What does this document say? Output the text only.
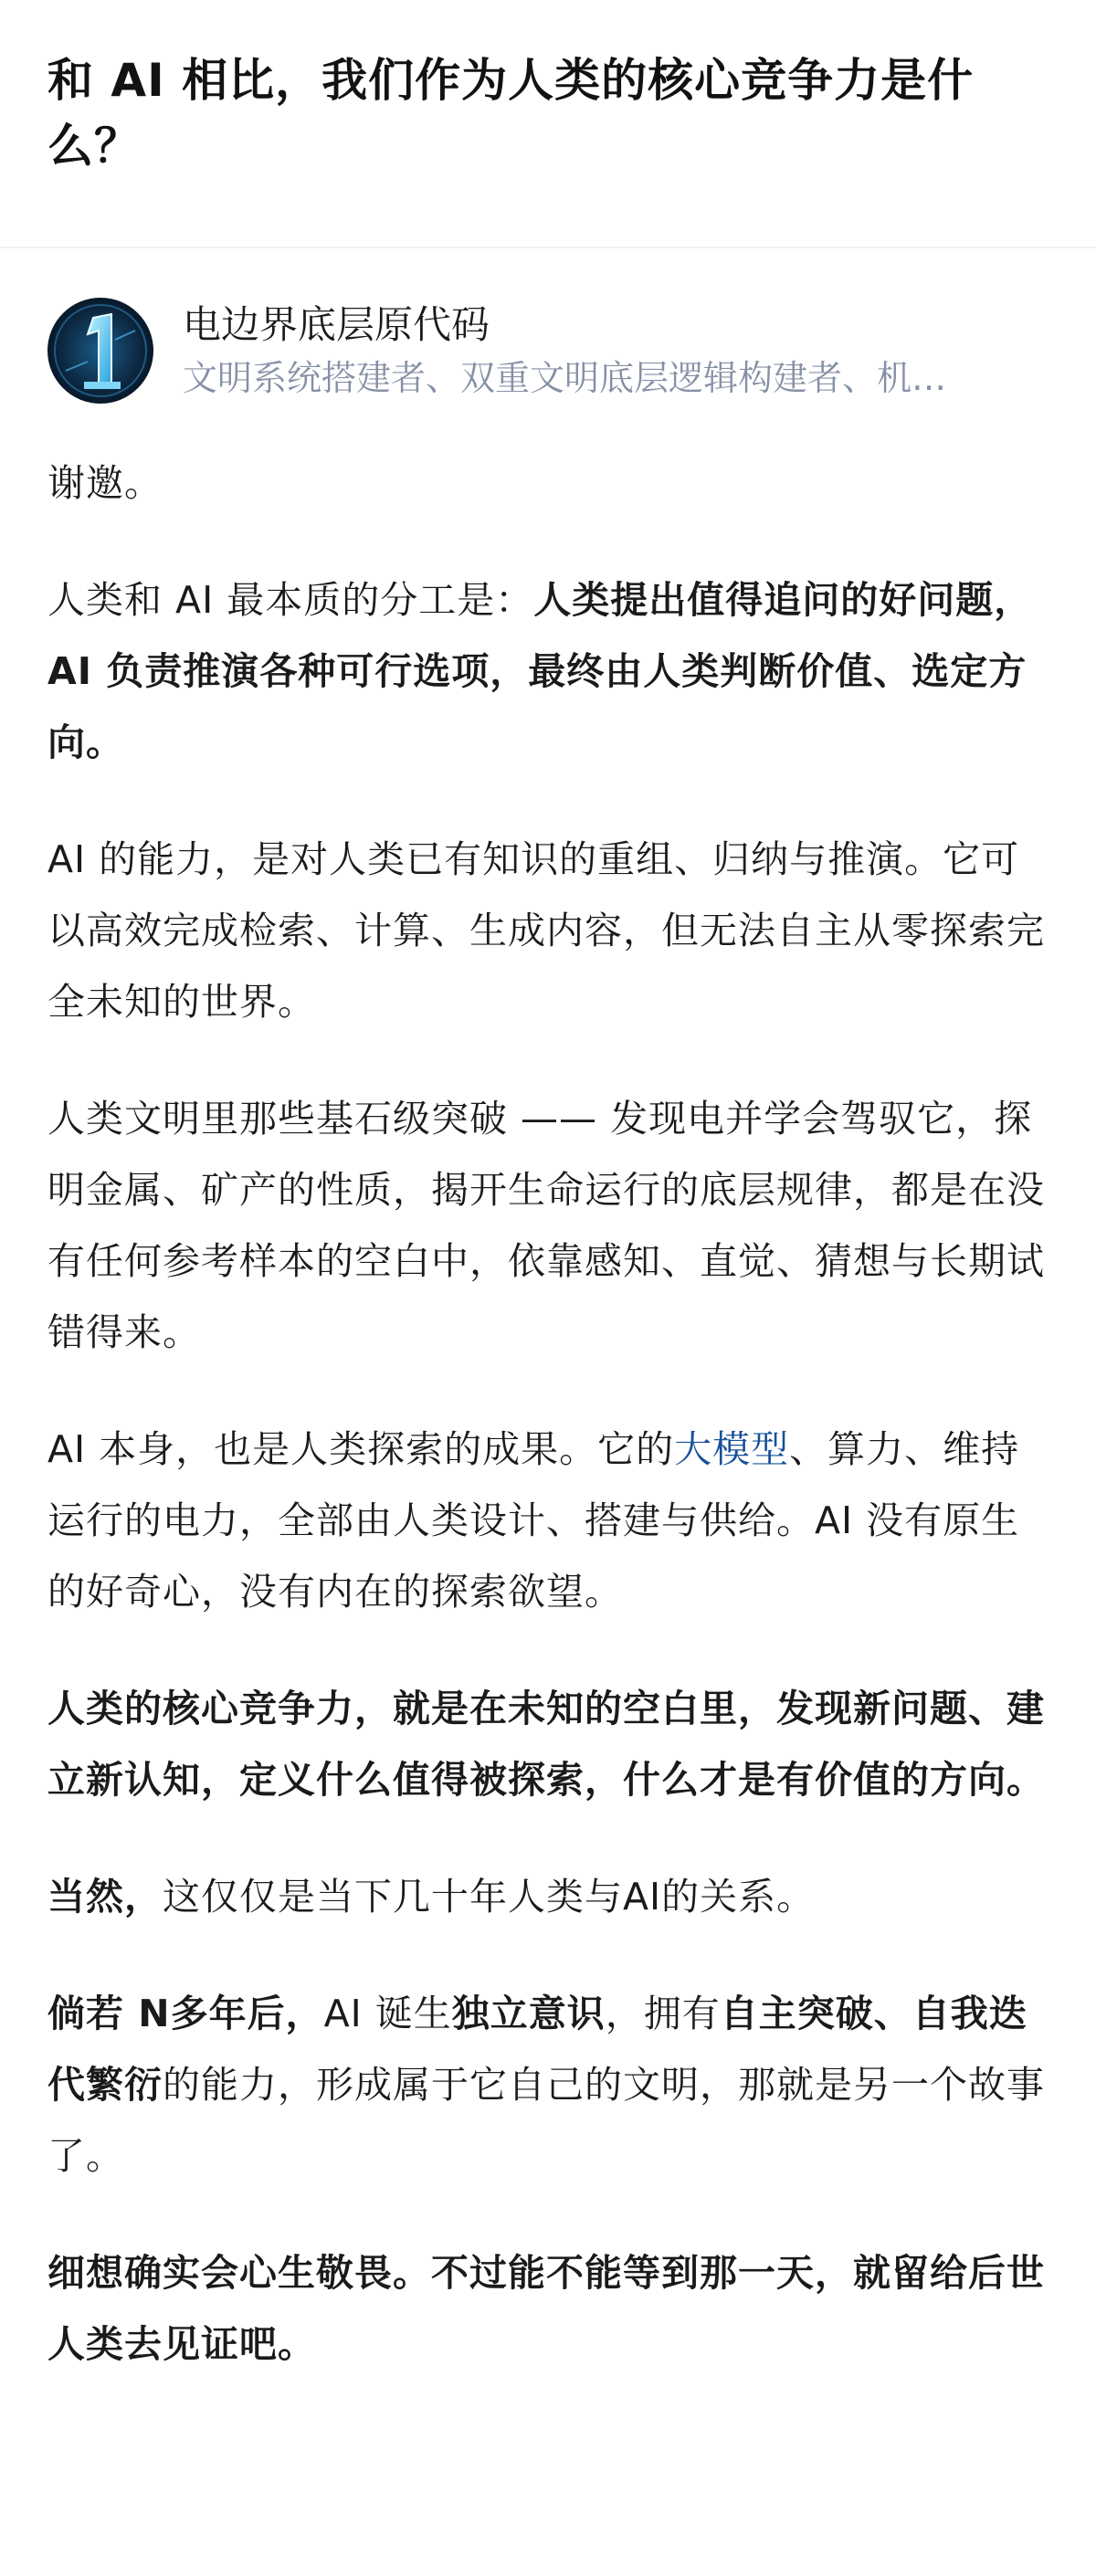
和 AI 相比，我们作为人类的核心竞争力是什么？
电边界底层原代码
文明系统搭建者、双重文明底层逻辑构建者、机…

谢邀。

人类和 AI 最本质的分工是：人类提出值得追问的好问题，AI 负责推演各种可行选项，最终由人类判断价值、选定方向。

AI 的能力，是对人类已有知识的重组、归纳与推演。它可以高效完成检索、计算、生成内容，但无法自主从零探索完全未知的世界。

人类文明里那些基石级突破 —— 发现电并学会驾驭它，探明金属、矿产的性质，揭开生命运行的底层规律，都是在没有任何参考样本的空白中，依靠感知、直觉、猜想与长期试错得来。

AI 本身，也是人类探索的成果。它的大模型、算力、维持运行的电力，全部由人类设计、搭建与供给。AI 没有原生的好奇心，没有内在的探索欲望。

人类的核心竞争力，就是在未知的空白里，发现新问题、建立新认知，定义什么值得被探索，什么才是有价值的方向。

当然，这仅仅是当下几十年人类与AI的关系。

倘若 N多年后，AI 诞生独立意识，拥有自主突破、自我迭代繁衍的能力，形成属于它自己的文明，那就是另一个故事了。

细想确实会心生敬畏。不过能不能等到那一天，就留给后世人类去见证吧。
